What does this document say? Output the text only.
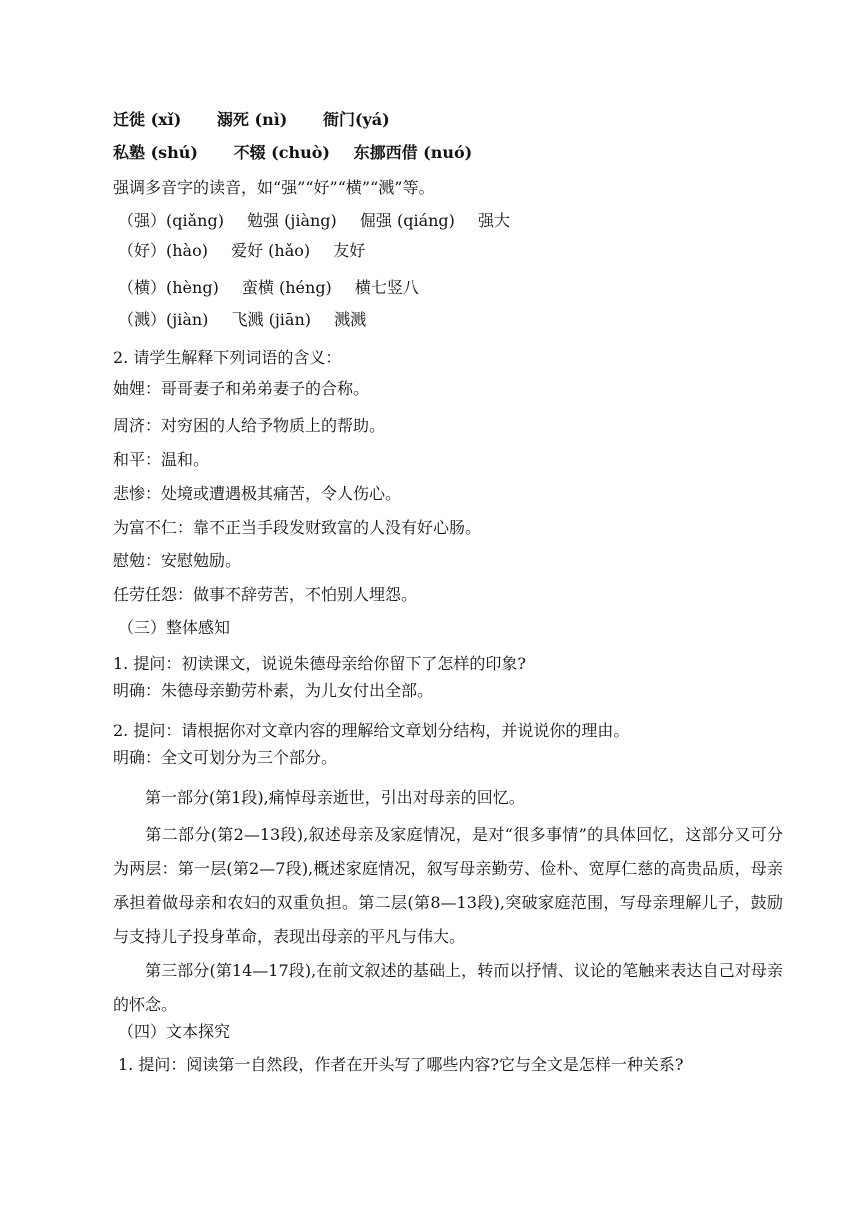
迁徙 (xǐ) 溺死 (nì) 衙门(yá)
私塾 (shú) 不辍 (chuò) 东挪西借 (nuó)
强调多音字的读音，如“强”“好”“横”“溅”等。
（强）(qiǎng) 勉强 (jiàng) 倔强 (qiáng) 强大
（好）(hào) 爱好 (hǎo) 友好
（横）(hèng) 蛮横 (héng) 横七竖八
（溅）(jiàn) 飞溅 (jiān) 溅溅
2. 请学生解释下列词语的含义：
妯娌：哥哥妻子和弟弟妻子的合称。
周济：对穷困的人给予物质上的帮助。
和平：温和。
悲惨：处境或遭遇极其痛苦，令人伤心。
为富不仁：靠不正当手段发财致富的人没有好心肠。
慰勉：安慰勉励。
任劳任怨：做事不辞劳苦，不怕别人埋怨。
（三）整体感知
1. 提问：初读课文，说说朱德母亲给你留下了怎样的印象?
明确：朱德母亲勤劳朴素，为儿女付出全部。
2. 提问：请根据你对文章内容的理解给文章划分结构，并说说你的理由。
明确：全文可划分为三个部分。
第一部分(第1段),痛悼母亲逝世，引出对母亲的回忆。
第二部分(第2—13段),叙述母亲及家庭情况，是对“很多事情”的具体回忆，这部分又可分为两层：第一层(第2—7段),概述家庭情况，叙写母亲勤劳、俭朴、宽厚仁慈的高贵品质，母亲承担着做母亲和农妇的双重负担。第二层(第8—13段),突破家庭范围，写母亲理解儿子，鼓励与支持儿子投身革命，表现出母亲的平凡与伟大。
第三部分(第14—17段),在前文叙述的基础上，转而以抒情、议论的笔触来表达自己对母亲的怀念。
（四）文本探究
1. 提问：阅读第一自然段，作者在开头写了哪些内容?它与全文是怎样一种关系?
